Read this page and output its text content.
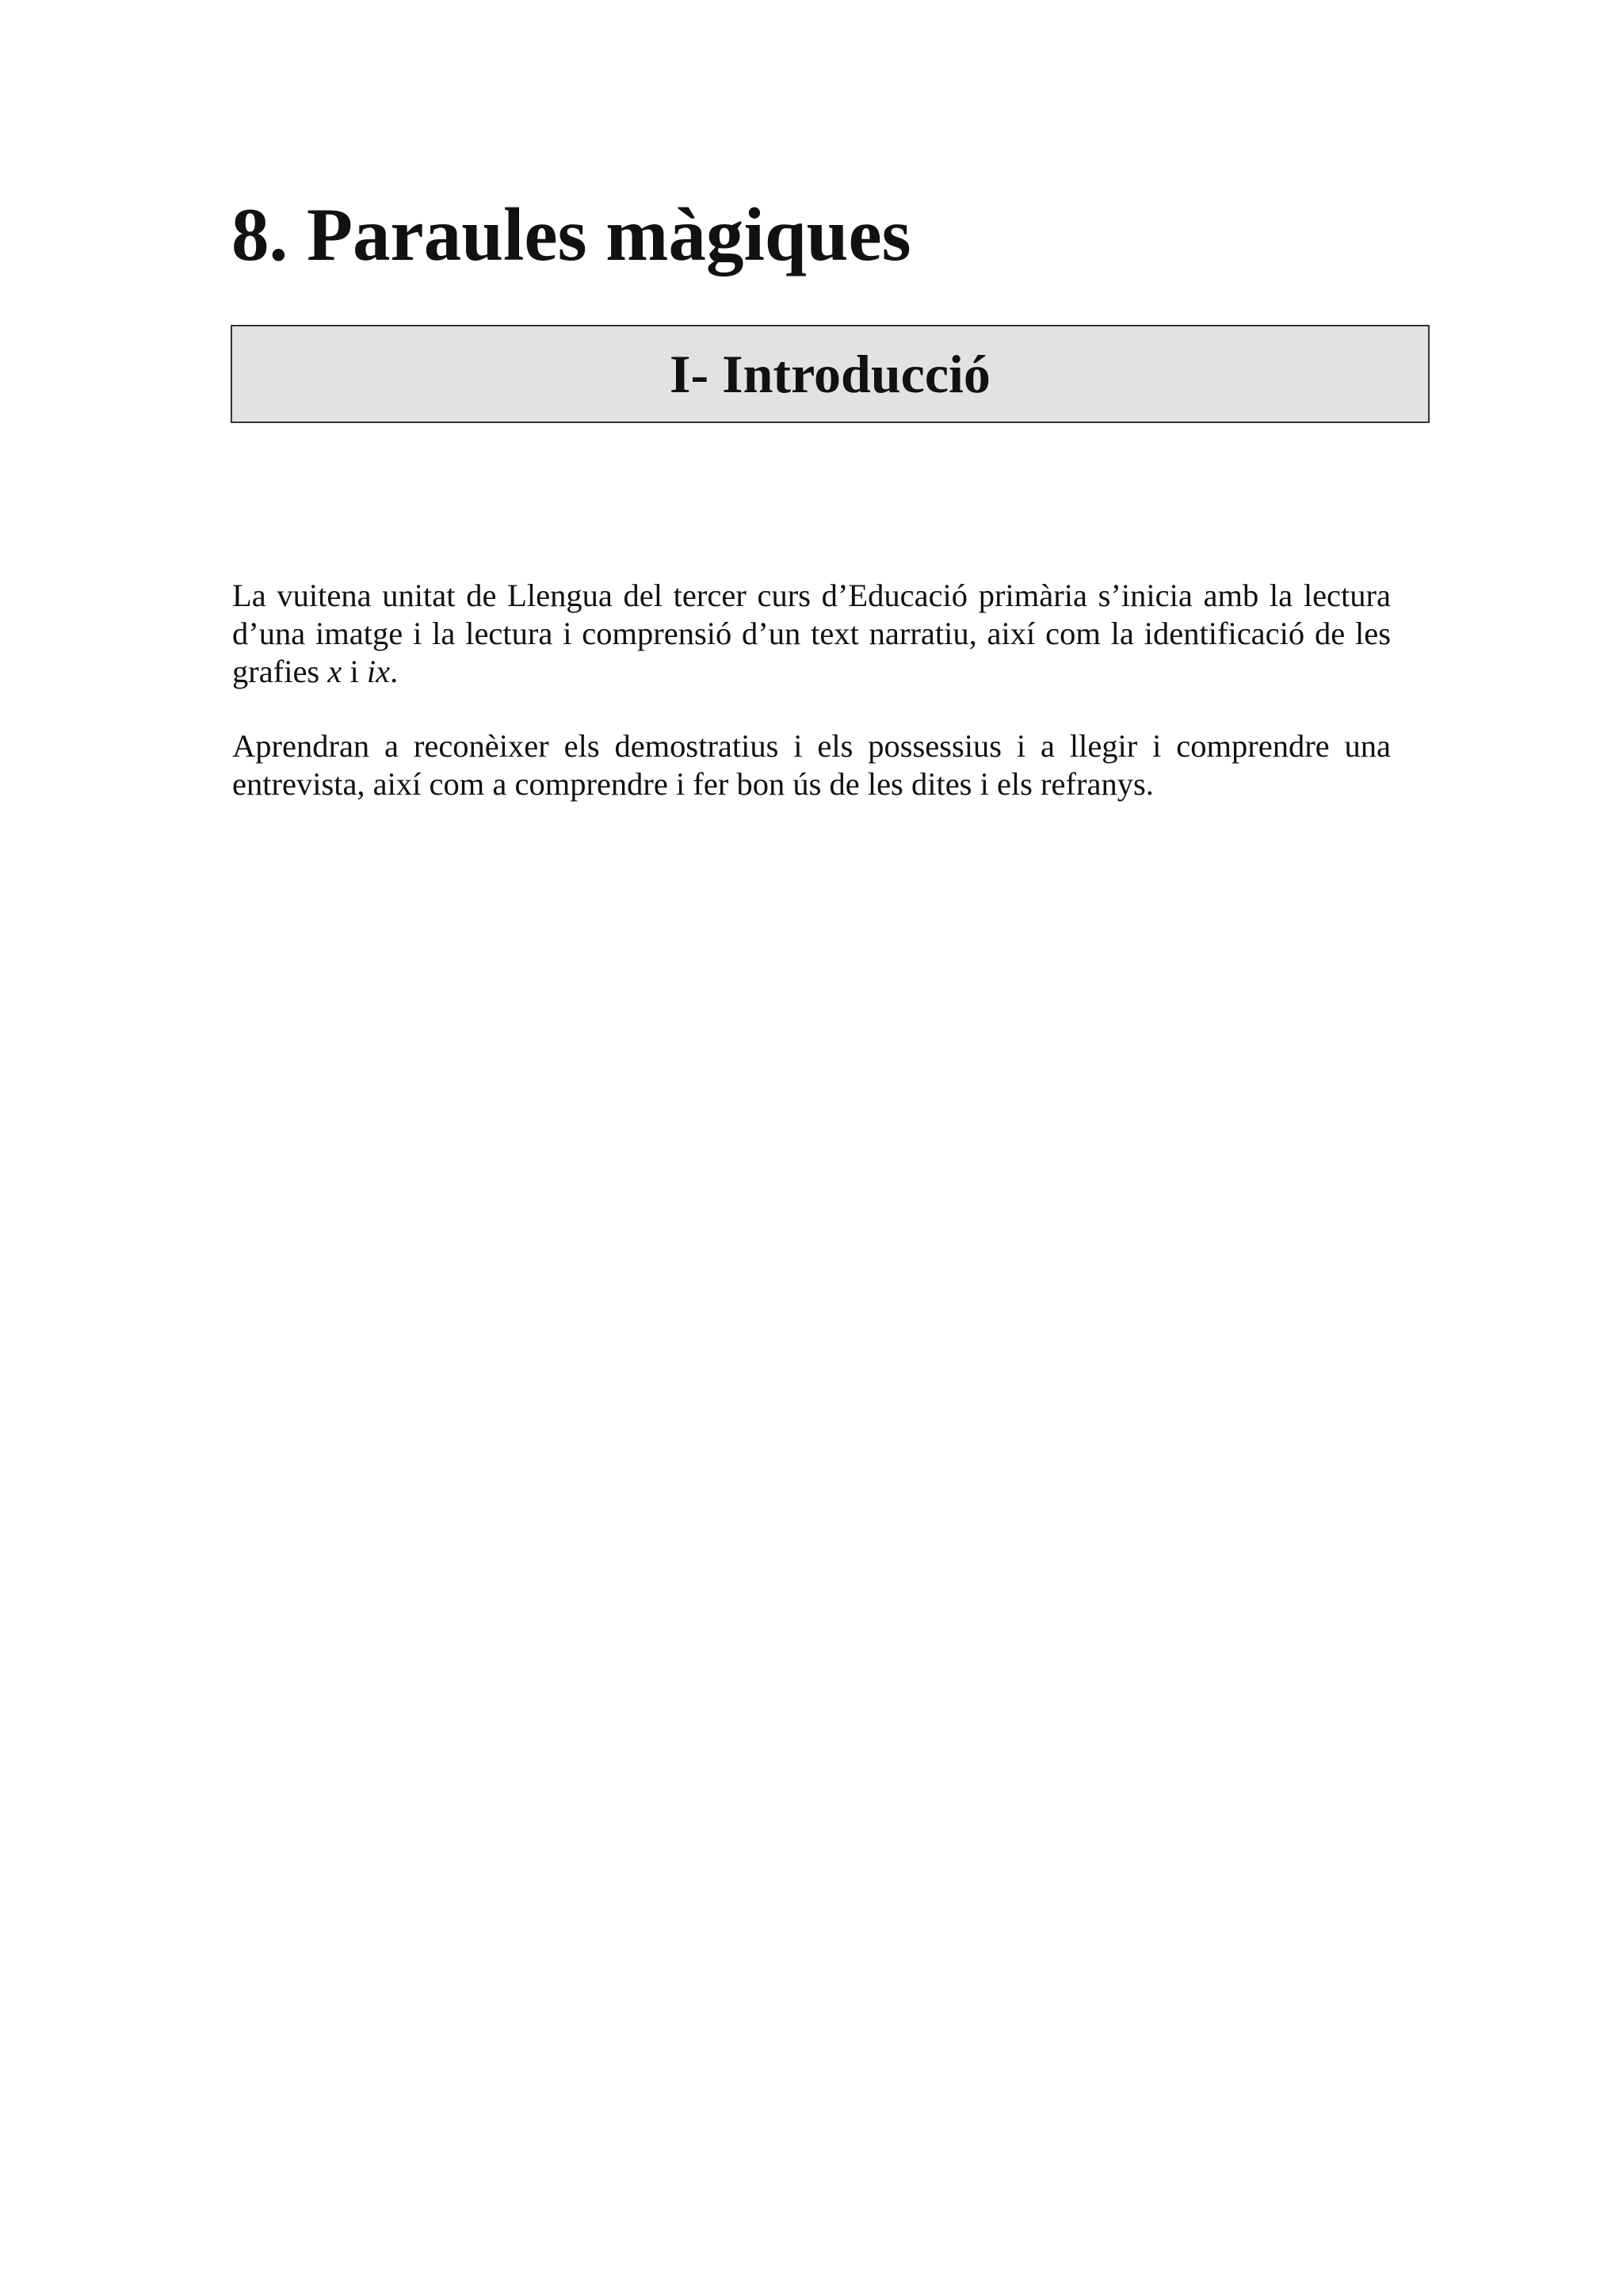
8. Paraules màgiques
I- Introducció

La vuitena unitat de Llengua del tercer curs d’Educació primària s’inicia amb la lectura d’una imatge i la lectura i comprensió d’un text narratiu, així com la identificació de les grafies x i ix.

Aprendran a reconèixer els demostratius i els possessius i a llegir i comprendre una entrevista, així com a comprendre i fer bon ús de les dites i els refranys.
